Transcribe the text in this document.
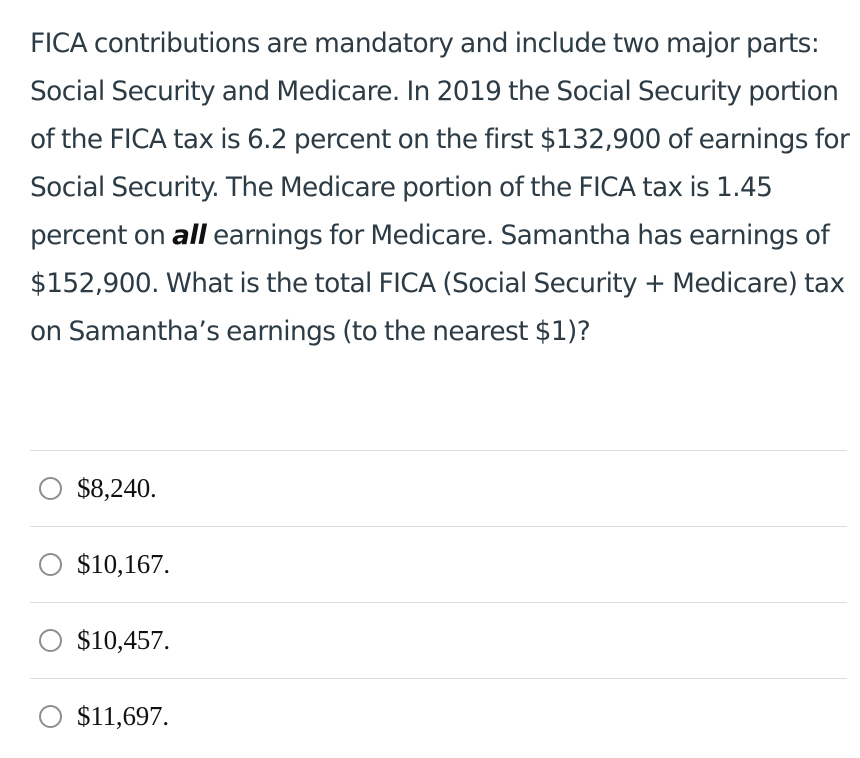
FICA contributions are mandatory and include two major parts: Social Security and Medicare. In 2019 the Social Security portion of the FICA tax is 6.2 percent on the first $132,900 of earnings for Social Security. The Medicare portion of the FICA tax is 1.45 percent on all earnings for Medicare. Samantha has earnings of $152,900. What is the total FICA (Social Security + Medicare) tax on Samantha’s earnings (to the nearest $1)?
$8,240.
$10,167.
$10,457.
$11,697.
